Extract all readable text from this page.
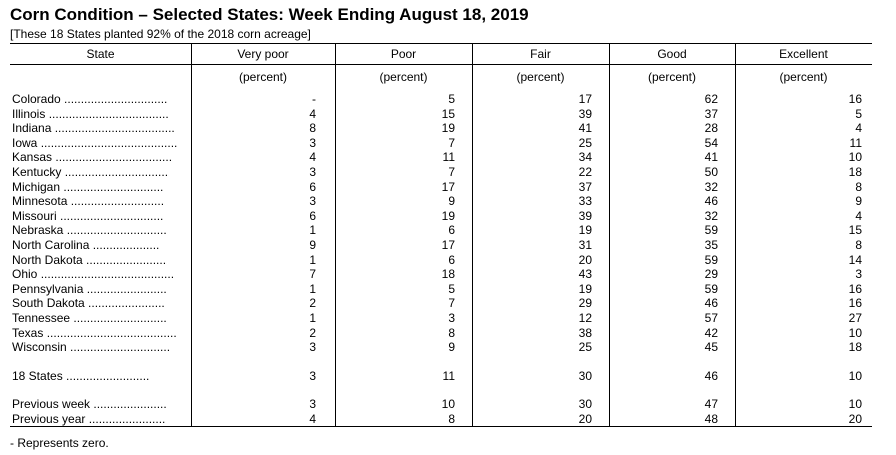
Corn Condition – Selected States: Week Ending August 18, 2019
[These 18 States planted 92% of the 2018 corn acreage]
State	Very poor	Poor	Fair	Good	Excellent
(percent)	(percent)	(percent)	(percent)	(percent)
Colorado ...............................	-	5	17	62	16
Illinois ....................................	4	15	39	37	5
Indiana ....................................	8	19	41	28	4
Iowa .........................................	3	7	25	54	11
Kansas ...................................	4	11	34	41	10
Kentucky ...............................	3	7	22	50	18
Michigan ..............................	6	17	37	32	8
Minnesota ............................	3	9	33	46	9
Missouri ...............................	6	19	39	32	4
Nebraska ..............................	1	6	19	59	15
North Carolina ....................	9	17	31	35	8
North Dakota ........................	1	6	20	59	14
Ohio ........................................	7	18	43	29	3
Pennsylvania ........................	1	5	19	59	16
South Dakota .......................	2	7	29	46	16
Tennessee ............................	1	3	12	57	27
Texas .......................................	2	8	38	42	10
Wisconsin ..............................	3	9	25	45	18
18 States .........................	3	11	30	46	10
Previous week ......................	3	10	30	47	10
Previous year .......................	4	8	20	48	20
- Represents zero.
